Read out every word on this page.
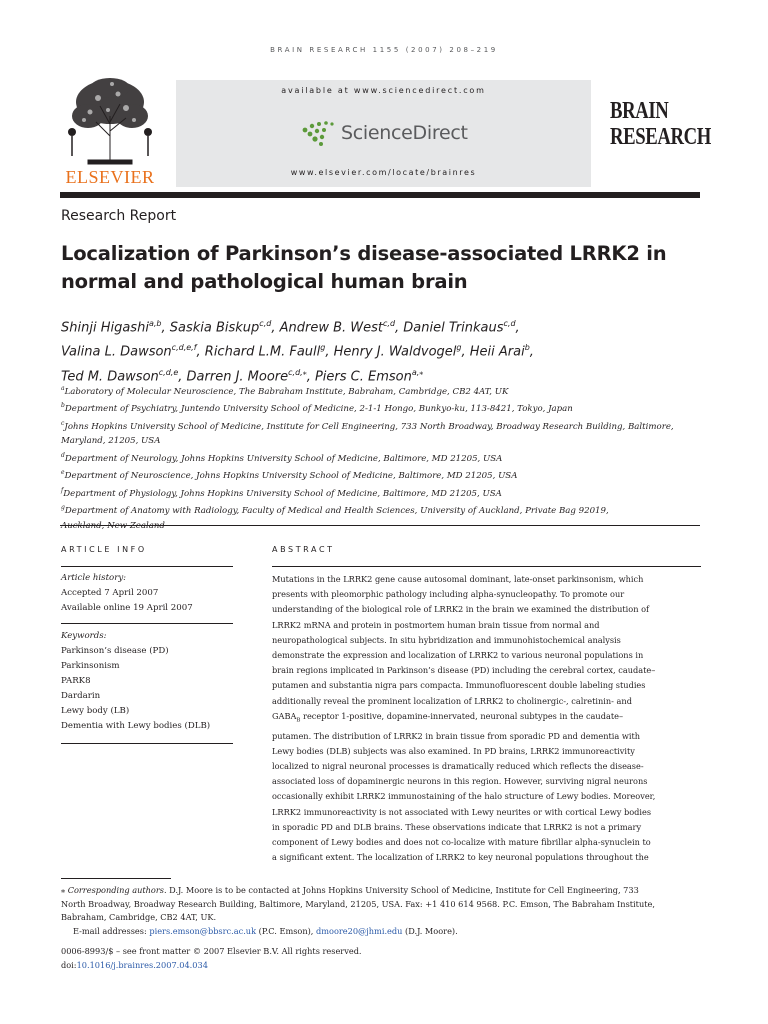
BRAIN RESEARCH 1155 (2007) 208–219
ELSEVIER
available at www.sciencedirect.com
ScienceDirect
www.elsevier.com/locate/brainres
BRAIN
RESEARCH
Research Report
Localization of Parkinson’s disease-associated LRRK2 in
normal and pathological human brain
Shinji Higashi$^{a,b}$, Saskia Biskup$^{c,d}$, Andrew B. West$^{c,d}$, Daniel Trinkaus$^{c,d}$,
Valina L. Dawson$^{c,d,e,f}$, Richard L.M. Faull$^g$, Henry J. Waldvogel$^g$, Heii Arai$^b$,
Ted M. Dawson$^{c,d,e}$, Darren J. Moore$^{c,d,⁎}$, Piers C. Emson$^{a,⁎}$
$^a$Laboratory of Molecular Neuroscience, The Babraham Institute, Babraham, Cambridge, CB2 4AT, UK
$^b$Department of Psychiatry, Juntendo University School of Medicine, 2-1-1 Hongo, Bunkyo-ku, 113-8421, Tokyo, Japan
$^c$Johns Hopkins University School of Medicine, Institute for Cell Engineering, 733 North Broadway, Broadway Research Building, Baltimore,
Maryland, 21205, USA
$^d$Department of Neurology, Johns Hopkins University School of Medicine, Baltimore, MD 21205, USA
$^e$Department of Neuroscience, Johns Hopkins University School of Medicine, Baltimore, MD 21205, USA
$^f$Department of Physiology, Johns Hopkins University School of Medicine, Baltimore, MD 21205, USA
$^g$Department of Anatomy with Radiology, Faculty of Medical and Health Sciences, University of Auckland, Private Bag 92019,
ARTICLE INFO
Article history:
Accepted 7 April 2007
Available online 19 April 2007
Keywords:
Parkinson’s disease (PD)
Parkinsonism
PARK8
Dardarin
Lewy body (LB)
Dementia with Lewy bodies (DLB)
ABSTRACT
Mutations in the LRRK2 gene cause autosomal dominant, late-onset parkinsonism, which
presents with pleomorphic pathology including alpha-synucleopathy. To promote our
understanding of the biological role of LRRK2 in the brain we examined the distribution of
LRRK2 mRNA and protein in postmortem human brain tissue from normal and
neuropathological subjects. In situ hybridization and immunohistochemical analysis
demonstrate the expression and localization of LRRK2 to various neuronal populations in
brain regions implicated in Parkinson’s disease (PD) including the cerebral cortex, caudate–
putamen and substantia nigra pars compacta. Immunofluorescent double labeling studies
additionally reveal the prominent localization of LRRK2 to cholinergic-, calretinin- and
$GABA_B$ receptor 1-positive, dopamine-innervated, neuronal subtypes in the caudate–
putamen. The distribution of LRRK2 in brain tissue from sporadic PD and dementia with
Lewy bodies (DLB) subjects was also examined. In PD brains, LRRK2 immunoreactivity
localized to nigral neuronal processes is dramatically reduced which reflects the disease-
associated loss of dopaminergic neurons in this region. However, surviving nigral neurons
occasionally exhibit LRRK2 immunostaining of the halo structure of Lewy bodies. Moreover,
LRRK2 immunoreactivity is not associated with Lewy neurites or with cortical Lewy bodies
in sporadic PD and DLB brains. These observations indicate that LRRK2 is not a primary
component of Lewy bodies and does not co-localize with mature fibrillar alpha-synuclein to
a significant extent. The localization of LRRK2 to key neuronal populations throughout the
⁎ Corresponding authors. D.J. Moore is to be contacted at Johns Hopkins University School of Medicine, Institute for Cell Engineering, 733
North Broadway, Broadway Research Building, Baltimore, Maryland, 21205, USA. Fax: +1 410 614 9568. P.C. Emson, The Babraham Institute,
Babraham, Cambridge, CB2 4AT, UK.
E-mail addresses: piers.emson@bbsrc.ac.uk (P.C. Emson), dmoore20@jhmi.edu (D.J. Moore).
0006-8993/$ – see front matter © 2007 Elsevier B.V. All rights reserved.
doi:10.1016/j.brainres.2007.04.034
